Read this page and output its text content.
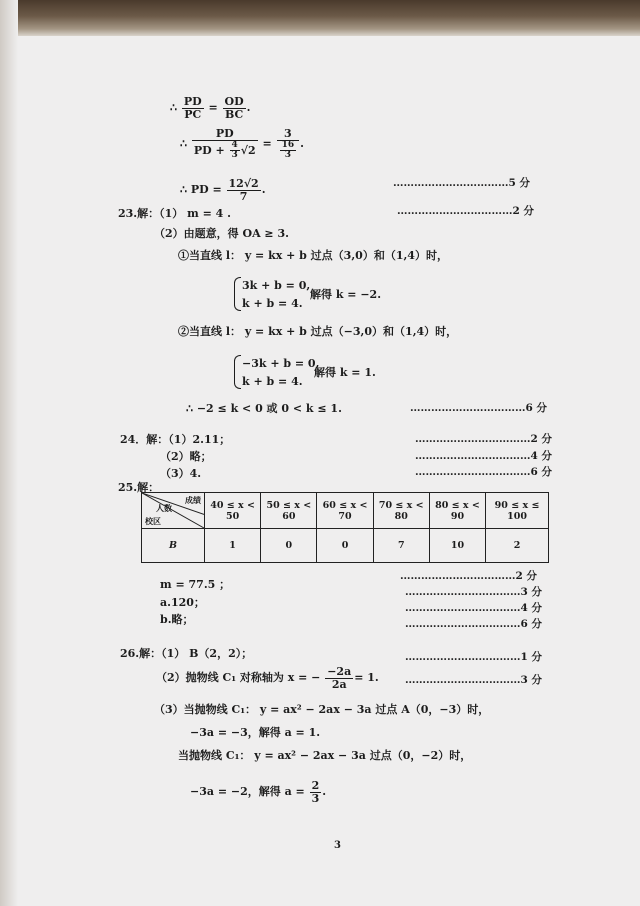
∴ $\frac{PD}{PC} = \frac{OD}{BC}$ .
∴ $\frac{PD}{PD + \frac{4}{3} √2} = \frac{3}{\frac{16}{3}}$ .
∴ PD = $\frac{12√2}{7}$ .
……………………………5 分
23.解：（1） m = 4 .	……………………………2 分
（2）由题意，得 OA ≥ 3.
①当直线 l： y = kx + b 过点（3,0）和（1,4）时，
3k + b = 0,
k + b = 4.
解得 k = −2.
②当直线 l： y = kx + b 过点（−3,0）和（1,4）时，
−3k + b = 0,
k + b = 4.
解得 k = 1.
∴ −2 ≤ k < 0 或 0 < k ≤ 1.	……………………………6 分
24．解：（1）2.11；	……………………………2 分
（2）略；	……………………………4 分
（3）4.	……………………………6 分
25.解：
成绩
人数
校区	40 ≤ x < 50	50 ≤ x < 60	60 ≤ x < 70	70 ≤ x < 80	80 ≤ x < 90	90 ≤ x ≤ 100
B	1	0	0	7	10	2
m = 77.5 ；
……………………………2 分
……………………………3 分
a.120；	……………………………4 分
b.略；	……………………………6 分
26.解：（1） B（2，2）；	……………………………1 分
（2）抛物线 C₁ 对称轴为 x = − $\frac{-2a}{2a} = 1$.	……………………………3 分
（3）当抛物线 C₁： y = ax² − 2ax − 3a 过点 A（0，−3）时，
−3a = −3，解得 a = 1.
当抛物线 C₁： y = ax² − 2ax − 3a 过点（0，−2）时，
−3a = −2，解得 $a = \frac{2}{3}$ .
3
